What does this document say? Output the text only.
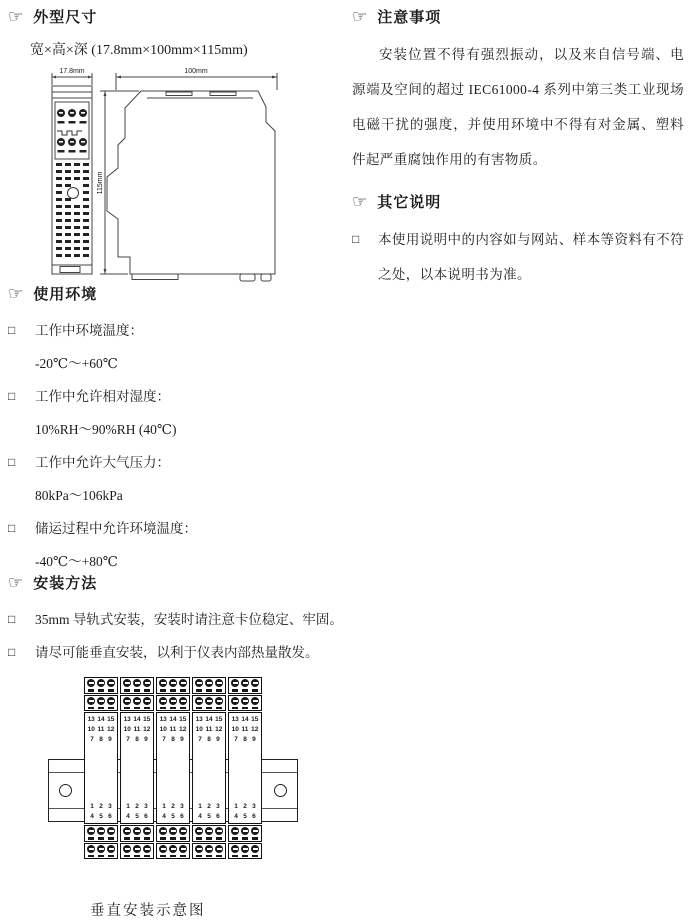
☞ 外型尺寸
宽×高×深 (17.8mm×100mm×115mm)
17.8mm	100mm
115mm
☞ 使用环境
□	工作中环境温度：
-20℃～+60℃
□	工作中允许相对湿度：
10%RH～90%RH (40℃)
□	工作中允许大气压力：
80kPa～106kPa
□	储运过程中允许环境温度：
-40℃～+80℃
☞ 安装方法
□	35mm 导轨式安装，安装时请注意卡位稳定、牢固。
□	请尽可能垂直安装，以利于仪表内部热量散发。
13 14 15
10 11 12
7 8 9
1 2 3
4 5 6
13 14 15
10 11 12
7 8 9
1 2 3
4 5 6
13 14 15
10 11 12
7 8 9
1 2 3
4 5 6
13 14 15
10 11 12
7 8 9
1 2 3
4 5 6
13 14 15
10 11 12
7 8 9
1 2 3
4 5 6
垂直安装示意图
☞ 注意事项
安装位置不得有强烈振动，以及来自信号端、电源端及空间的超过 IEC61000-4 系列中第三类工业现场电磁干扰的强度，并使用环境中不得有对金属、塑料件起严重腐蚀作用的有害物质。
☞ 其它说明
□	本使用说明中的内容如与网站、样本等资料有不符之处，以本说明书为准。
